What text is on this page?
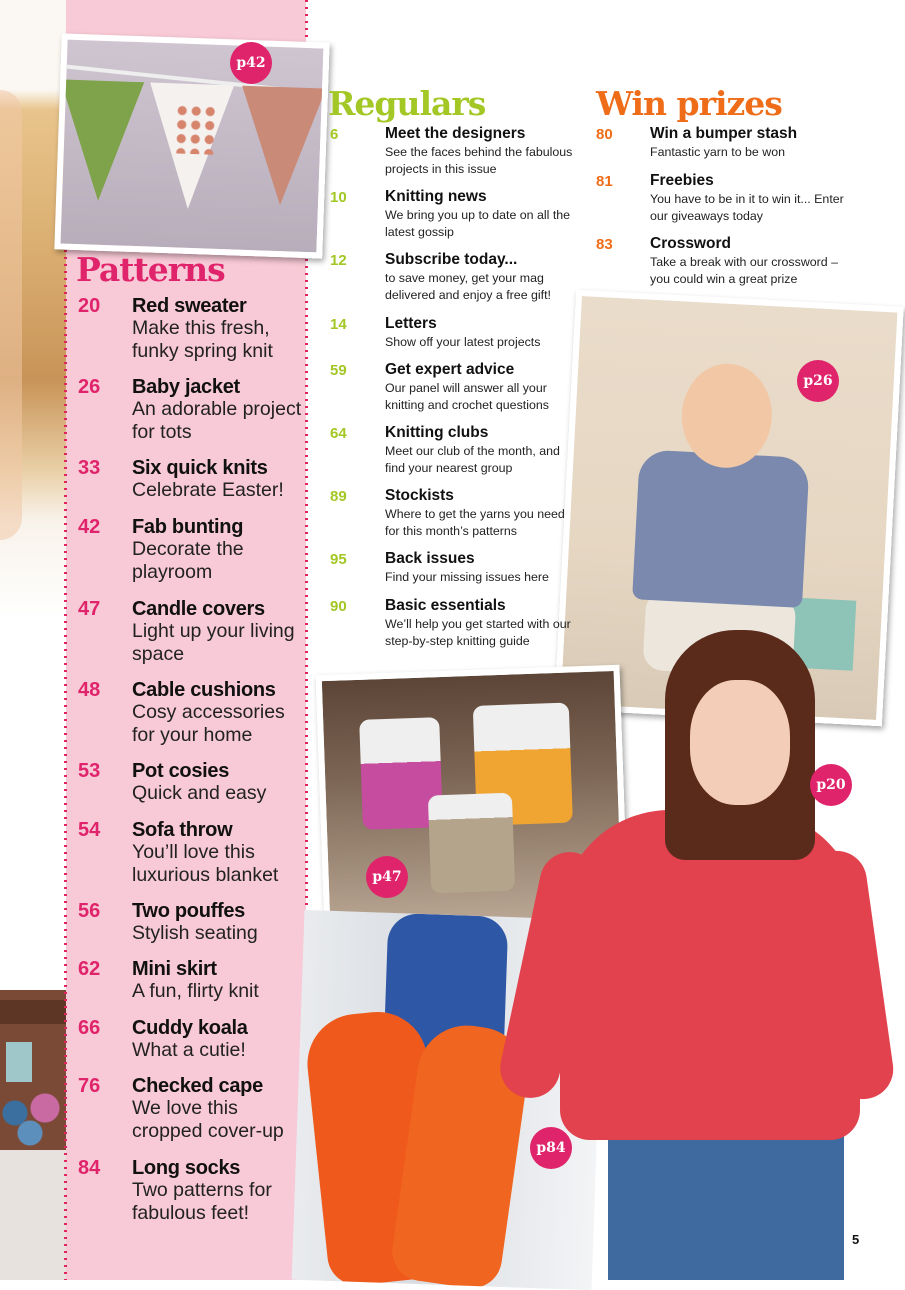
p42
p26
p47
p84
p20
Patterns
Regulars	Win prizes
20 Red sweater
Make this fresh, funky spring knit
26 Baby jacket
An adorable project for tots
33 Six quick knits
Celebrate Easter!
42 Fab bunting
Decorate the playroom
47 Candle covers
Light up your living space
48 Cable cushions
Cosy accessories for your home
53 Pot cosies
Quick and easy
54 Sofa throw
You’ll love this luxurious blanket
56 Two pouffes
Stylish seating
62 Mini skirt
A fun, flirty knit
66 Cuddy koala
What a cutie!
76 Checked cape
We love this cropped cover-up
84 Long socks
Two patterns for fabulous feet!
6	Meet the designers
See the faces behind the fabulous projects in this issue
10 Knitting news
We bring you up to date on all the latest gossip
12 Subscribe today...
to save money, get your mag delivered and enjoy a free gift!
14 Letters
Show off your latest projects
59 Get expert advice
Our panel will answer all your knitting and crochet questions
64 Knitting clubs
Meet our club of the month, and find your nearest group
89 Stockists
Where to get the yarns you need for this month’s patterns
95 Back issues
Find your missing issues here
90 Basic essentials
We’ll help you get started with our step-by-step knitting guide
80 Win a bumper stash
Fantastic yarn to be won
81 Freebies
You have to be in it to win it... Enter our giveaways today
83 Crossword
Take a break with our crossword – you could win a great prize
5
